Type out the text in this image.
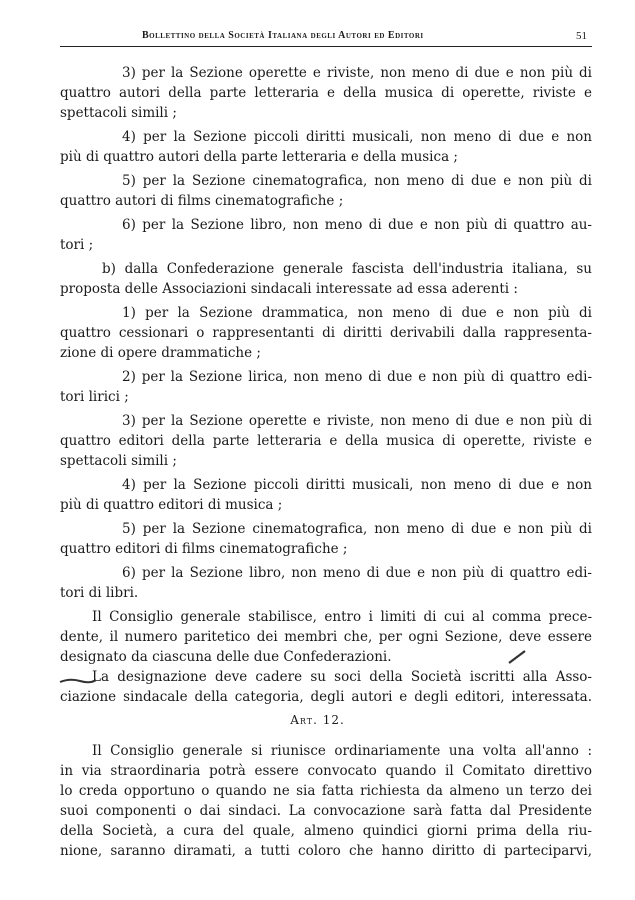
Bollettino della Società Italiana degli Autori ed Editori	51

3) per la Sezione operette e riviste, non meno di due e non più di
quattro autori della parte letteraria e della musica di operette, riviste e
spettacoli simili ;

4) per la Sezione piccoli diritti musicali, non meno di due e non
più di quattro autori della parte letteraria e della musica ;

5) per la Sezione cinematografica, non meno di due e non più di
quattro autori di films cinematografiche ;

6) per la Sezione libro, non meno di due e non più di quattro au-
tori ;

b) dalla Confederazione generale fascista dell'industria italiana, su
proposta delle Associazioni sindacali interessate ad essa aderenti :

1) per la Sezione drammatica, non meno di due e non più di
quattro cessionari o rappresentanti di diritti derivabili dalla rappresenta-
zione di opere drammatiche ;

2) per la Sezione lirica, non meno di due e non più di quattro edi-
tori lirici ;

3) per la Sezione operette e riviste, non meno di due e non più di
quattro editori della parte letteraria e della musica di operette, riviste e
spettacoli simili ;

4) per la Sezione piccoli diritti musicali, non meno di due e non
più di quattro editori di musica ;

5) per la Sezione cinematografica, non meno di due e non più di
quattro editori di films cinematografiche ;

6) per la Sezione libro, non meno di due e non più di quattro edi-
tori di libri.

Il Consiglio generale stabilisce, entro i limiti di cui al comma prece-
dente, il numero paritetico dei membri che, per ogni Sezione, deve essere
designato da ciascuna delle due Confederazioni.

La designazione deve cadere su soci della Società iscritti alla Asso-
ciazione sindacale della categoria, degli autori e degli editori, interessata.

Art. 12.

Il Consiglio generale si riunisce ordinariamente una volta all'anno :
in via straordinaria potrà essere convocato quando il Comitato direttivo
lo creda opportuno o quando ne sia fatta richiesta da almeno un terzo dei
suoi componenti o dai sindaci. La convocazione sarà fatta dal Presidente
della Società, a cura del quale, almeno quindici giorni prima della riu-
nione, saranno diramati, a tutti coloro che hanno diritto di parteciparvi,
